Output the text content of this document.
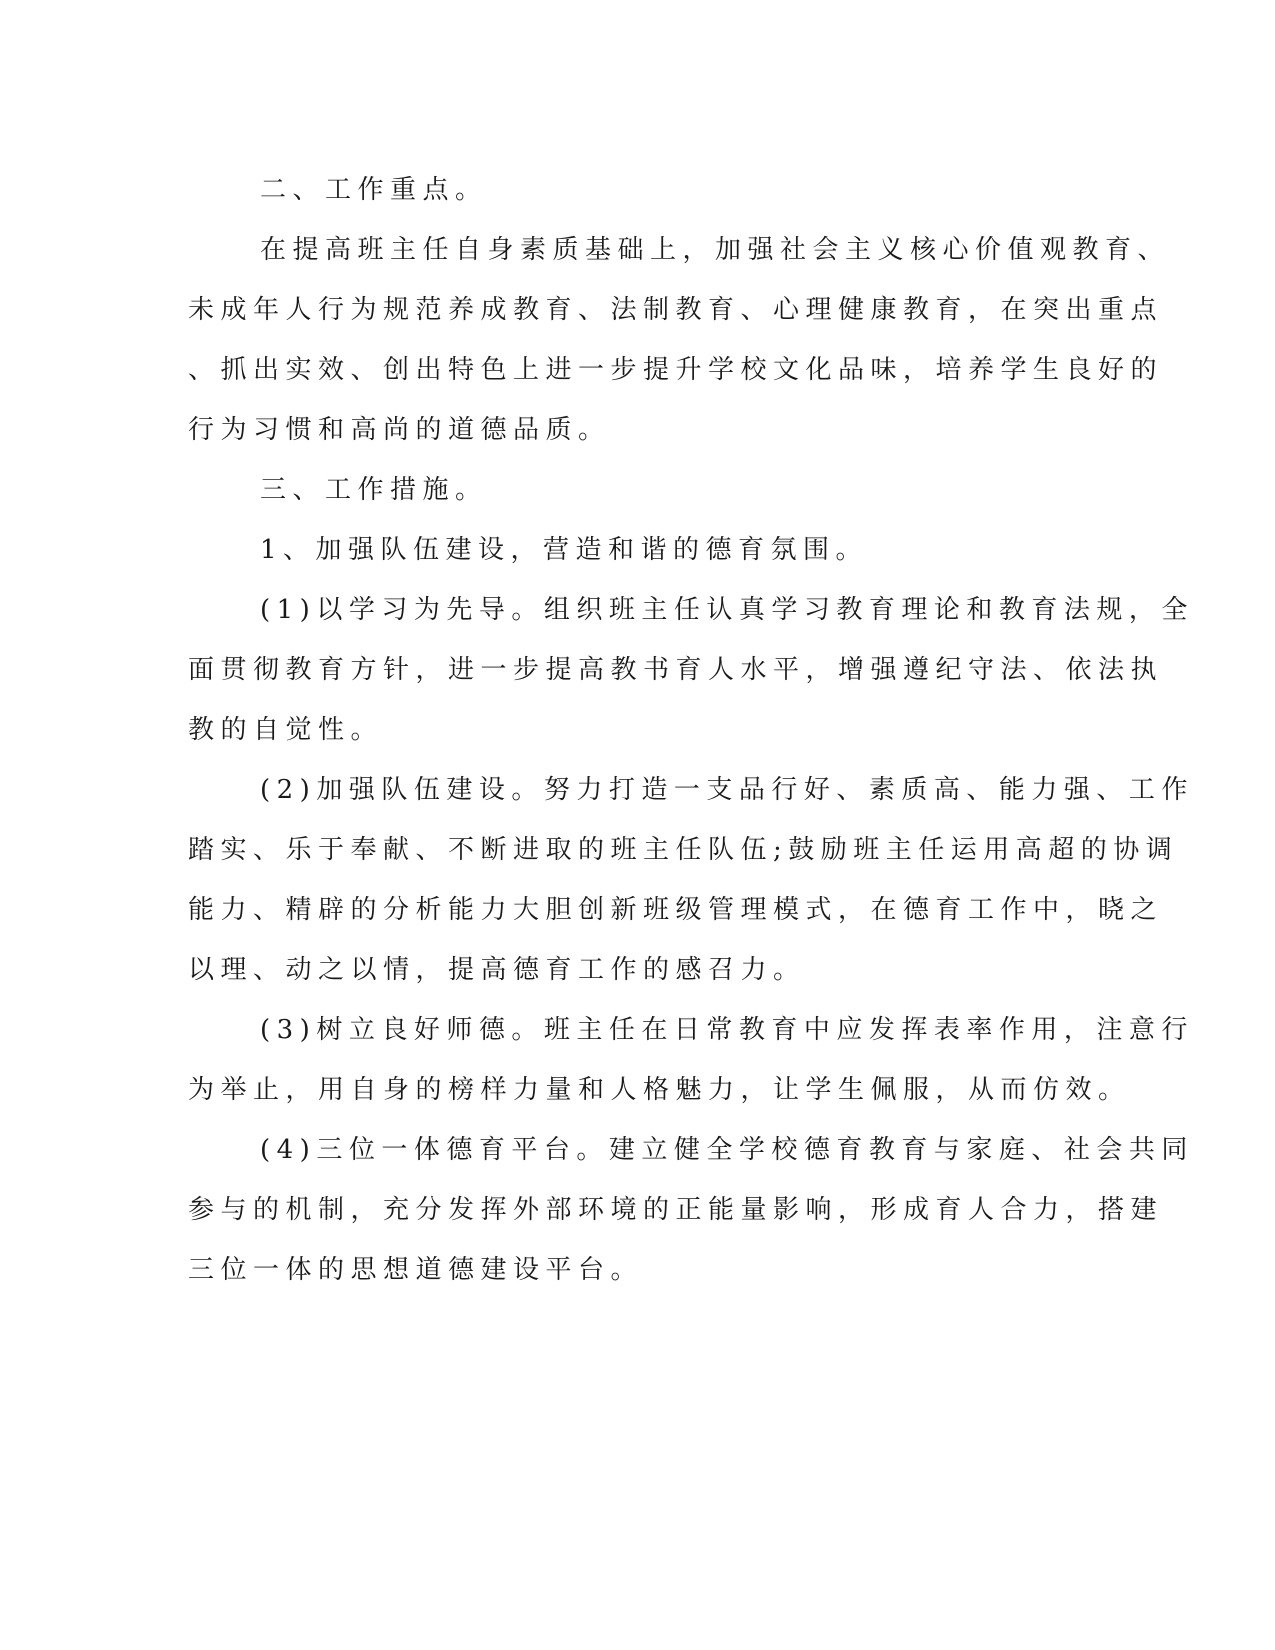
二、工作重点。
在提高班主任自身素质基础上，加强社会主义核心价值观教育、
未成年人行为规范养成教育、法制教育、心理健康教育，在突出重点
、抓出实效、创出特色上进一步提升学校文化品味，培养学生良好的
行为习惯和高尚的道德品质。
三、工作措施。
1、加强队伍建设，营造和谐的德育氛围。
(1)以学习为先导。组织班主任认真学习教育理论和教育法规，全
面贯彻教育方针，进一步提高教书育人水平，增强遵纪守法、依法执
教的自觉性。
(2)加强队伍建设。努力打造一支品行好、素质高、能力强、工作
踏实、乐于奉献、不断进取的班主任队伍;鼓励班主任运用高超的协调
能力、精辟的分析能力大胆创新班级管理模式，在德育工作中，晓之
以理、动之以情，提高德育工作的感召力。
(3)树立良好师德。班主任在日常教育中应发挥表率作用，注意行
为举止，用自身的榜样力量和人格魅力，让学生佩服，从而仿效。
(4)三位一体德育平台。建立健全学校德育教育与家庭、社会共同
参与的机制，充分发挥外部环境的正能量影响，形成育人合力，搭建
三位一体的思想道德建设平台。
